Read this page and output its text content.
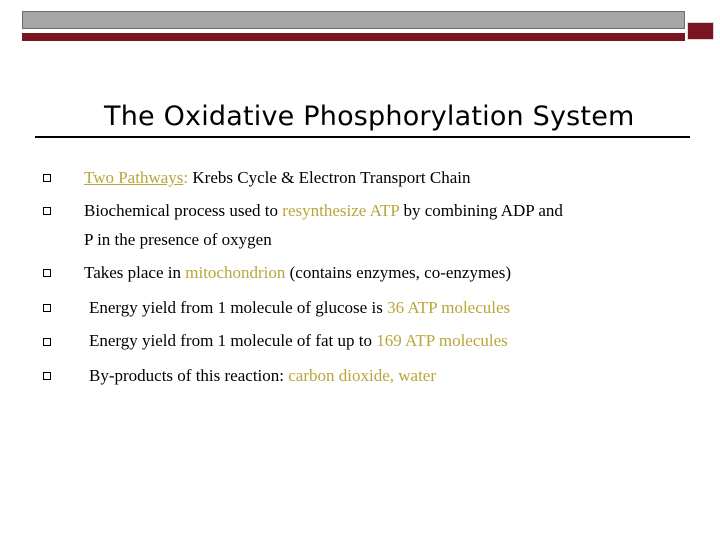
The Oxidative Phosphorylation System
Two Pathways: Krebs Cycle & Electron Transport Chain
Biochemical process used to resynthesize ATP by combining ADP and
P in the presence of oxygen
Takes place in mitochondrion (contains enzymes, co-enzymes)
Energy yield from 1 molecule of glucose is 36 ATP molecules
Energy yield from 1 molecule of fat up to 169 ATP molecules
By-products of this reaction: carbon dioxide, water
